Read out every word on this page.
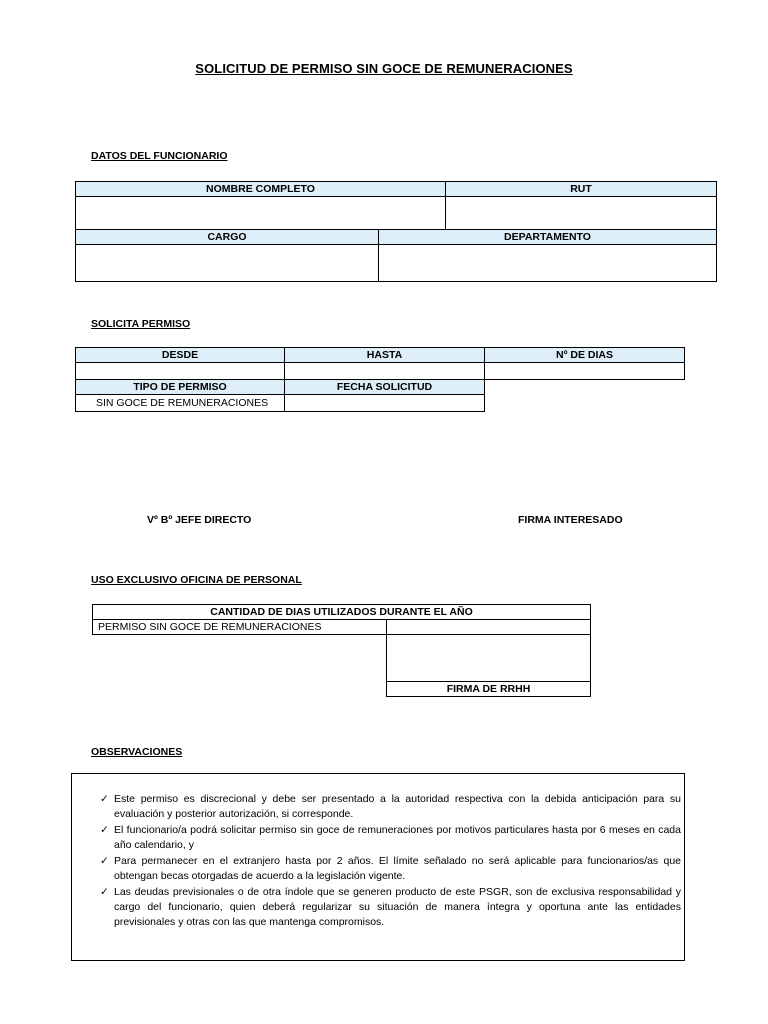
SOLICITUD DE PERMISO SIN GOCE DE REMUNERACIONES
DATOS DEL FUNCIONARIO
NOMBRE COMPLETO	RUT

CARGO	DEPARTAMENTO

SOLICITA PERMISO
DESDE	HASTA	Nº DE DIAS

TIPO DE PERMISO	FECHA SOLICITUD	
SIN GOCE DE REMUNERACIONES		
Vº Bº JEFE DIRECTO	FIRMA INTERESADO
USO EXCLUSIVO OFICINA DE PERSONAL
CANTIDAD DE DIAS UTILIZADOS DURANTE EL AÑO	
PERMISO SIN GOCE DE REMUNERACIONES	

	FIRMA DE RRHH
OBSERVACIONES
✓ Este permiso es discrecional y debe ser presentado a la autoridad respectiva con la debida anticipación para su evaluación y posterior autorización, si corresponde.
✓ El funcionario/a podrá solicitar permiso sin goce de remuneraciones por motivos particulares hasta por 6 meses en cada año calendario, y
✓ Para permanecer en el extranjero hasta por 2 años. El límite señalado no será aplicable para funcionarios/as que obtengan becas otorgadas de acuerdo a la legislación vigente.
✓ Las deudas previsionales o de otra índole que se generen producto de este PSGR, son de exclusiva responsabilidad y cargo del funcionario, quien deberá regularizar su situación de manera íntegra y oportuna ante las entidades previsionales y otras con las que mantenga compromisos.
